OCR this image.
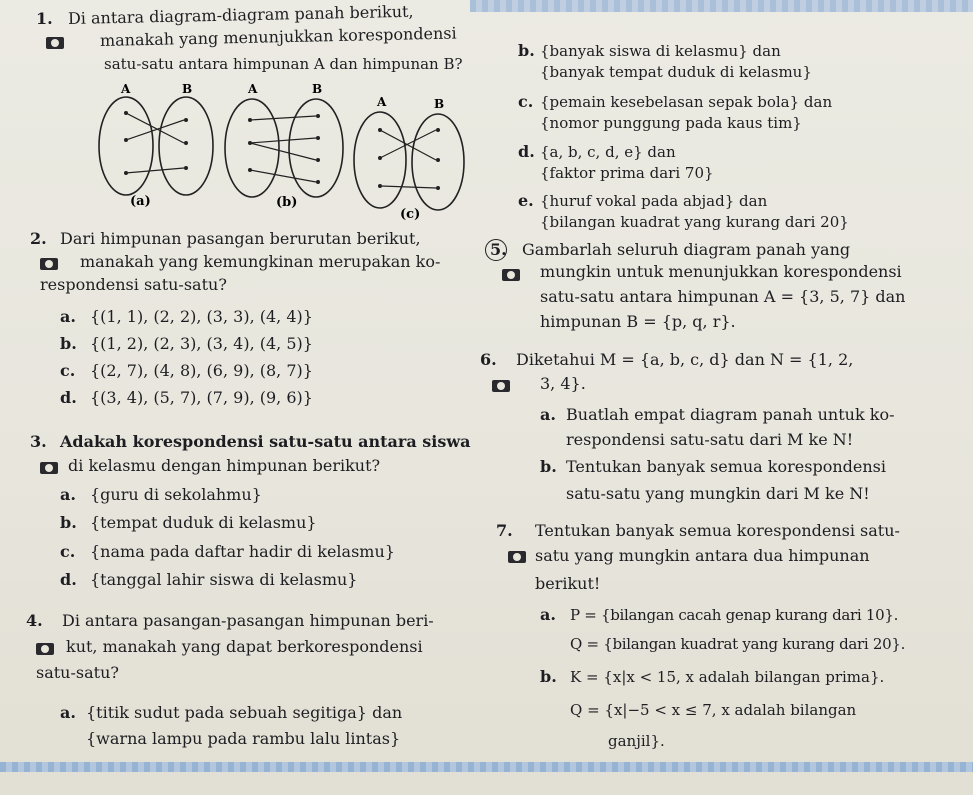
1. Di antara diagram-diagram panah berikut,
manakah yang menunjukkan korespondensi
satu-satu antara himpunan A dan himpunan B?
A	B
(a)
A	B
(b)
A	B
(c)
b. {banyak siswa di kelasmu} dan
{banyak tempat duduk di kelasmu}
c. {pemain kesebelasan sepak bola} dan
{nomor punggung pada kaus tim}
d. {a, b, c, d, e} dan
{faktor prima dari 70}
e. {huruf vokal pada abjad} dan
{bilangan kuadrat yang kurang dari 20}
2. Dari himpunan pasangan berurutan berikut,
manakah yang kemungkinan merupakan ko-
respondensi satu-satu?
a. {(1, 1), (2, 2), (3, 3), (4, 4)}
b. {(1, 2), (2, 3), (3, 4), (4, 5)}
c. {(2, 7), (4, 8), (6, 9), (8, 7)}
d. {(3, 4), (5, 7), (7, 9), (9, 6)}
3. Adakah korespondensi satu-satu antara siswa
di kelasmu dengan himpunan berikut?
a. {guru di sekolahmu}
b. {tempat duduk di kelasmu}
c. {nama pada daftar hadir di kelasmu}
d. {tanggal lahir siswa di kelasmu}
4. Di antara pasangan-pasangan himpunan beri-
kut, manakah yang dapat berkorespondensi
satu-satu?
a. {titik sudut pada sebuah segitiga} dan
{warna lampu pada rambu lalu lintas}
5. Gambarlah seluruh diagram panah yang
mungkin untuk menunjukkan korespondensi
satu-satu antara himpunan A = {3, 5, 7} dan
himpunan B = {p, q, r}.
6. Diketahui M = {a, b, c, d} dan N = {1, 2,
3, 4}.
a. Buatlah empat diagram panah untuk ko-
respondensi satu-satu dari M ke N!
b. Tentukan banyak semua korespondensi
satu-satu yang mungkin dari M ke N!
7. Tentukan banyak semua korespondensi satu-
satu yang mungkin antara dua himpunan
berikut!
a. P = {bilangan cacah genap kurang dari 10}.
Q = {bilangan kuadrat yang kurang dari 20}.
b. K = {x|x < 15, x adalah bilangan prima}.
Q = {x|−5 < x ≤ 7, x adalah bilangan
ganjil}.
